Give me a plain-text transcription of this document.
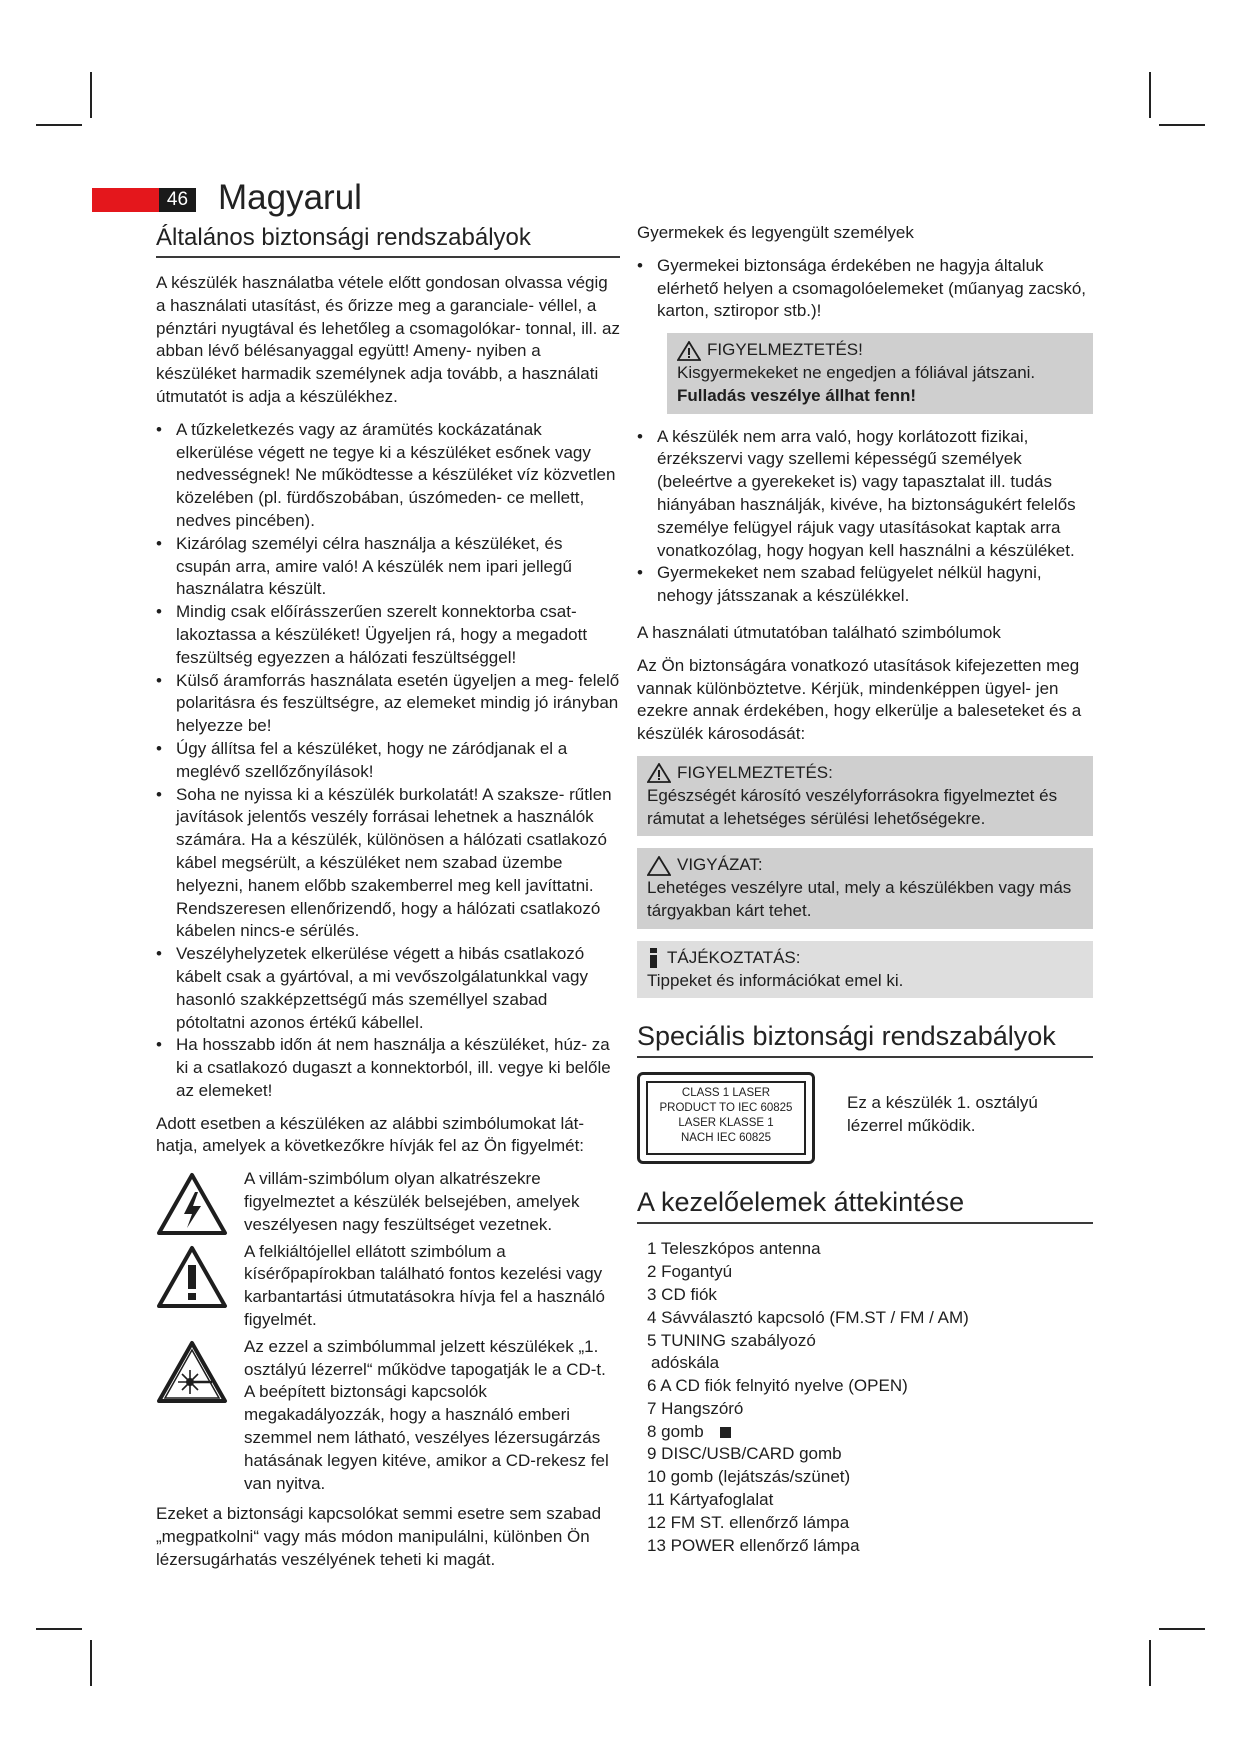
46 Magyarul
Általános biztonsági rendszabályok

A készülék használatba vétele előtt gondosan olvassa végig a használati utasítást, és őrizze meg a garanciale- véllel, a pénztári nyugtával és lehetőleg a csomagolókar- tonnal, ill. az abban lévő bélésanyaggal együtt! Ameny- nyiben a készüléket harmadik személynek adja tovább, a használati útmutatót is adja a készülékhez.

• A tűzkeletkezés vagy az áramütés kockázatának elkerülése végett ne tegye ki a készüléket esőnek vagy nedvességnek! Ne működtesse a készüléket víz közvetlen közelében (pl. fürdőszobában, úszómeden- ce mellett, nedves pincében).
• Kizárólag személyi célra használja a készüléket, és csupán arra, amire való! A készülék nem ipari jellegű használatra készült.
• Mindig csak előírásszerűen szerelt konnektorba csat- lakoztassa a készüléket! Ügyeljen rá, hogy a megadott feszültség egyezzen a hálózati feszültséggel!
• Külső áramforrás használata esetén ügyeljen a meg- felelő polaritásra és feszültségre, az elemeket mindig jó irányban helyezze be!
• Úgy állítsa fel a készüléket, hogy ne záródjanak el a meglévő szellőzőnyílások!
• Soha ne nyissa ki a készülék burkolatát! A szaksze- rűtlen javítások jelentős veszély forrásai lehetnek a használók számára. Ha a készülék, különösen a hálózati csatlakozó kábel megsérült, a készüléket nem szabad üzembe helyezni, hanem előbb szakemberrel meg kell javíttatni. Rendszeresen ellenőrizendő, hogy a hálózati csatlakozó kábelen nincs-e sérülés.
• Veszélyhelyzetek elkerülése végett a hibás csatlakozó kábelt csak a gyártóval, a mi vevőszolgálatunkkal vagy hasonló szakképzettségű más személlyel szabad pótoltatni azonos értékű kábellel.
• Ha hosszabb időn át nem használja a készüléket, húz- za ki a csatlakozó dugaszt a konnektorból, ill. vegye ki belőle az elemeket!

Adott esetben a készüléken az alábbi szimbólumokat lát- hatja, amelyek a következőkre hívják fel az Ön figyelmét:

A villám-szimbólum olyan alkatrészekre figyelmeztet a készülék belsejében, amelyek veszélyesen nagy feszültséget vezetnek.
A felkiáltójellel ellátott szimbólum a kísérőpapírokban található fontos kezelési vagy karbantartási útmutatásokra hívja fel a használó figyelmét.
Az ezzel a szimbólummal jelzett készülékek „1. osztályú lézerrel“ működve tapogatják le a CD-t. A beépített biztonsági kapcsolók megakadályozzák, hogy a használó emberi szemmel nem látható, veszélyes lézersugárzás hatásának legyen kitéve, amikor a CD-rekesz fel van nyitva.

Ezeket a biztonsági kapcsolókat semmi esetre sem szabad „megpatkolni“ vagy más módon manipulálni, különben Ön lézersugárhatás veszélyének teheti ki magát.

Gyermekek és legyengült személyek
• Gyermekei biztonsága érdekében ne hagyja általuk elérhető helyen a csomagolóelemeket (műanyag zacskó, karton, sztiropor stb.)!
FIGYELMEZTETÉS!
Kisgyermekeket ne engedjen a fóliával játszani.
Fulladás veszélye állhat fenn!
• A készülék nem arra való, hogy korlátozott fizikai, érzékszervi vagy szellemi képességű személyek (beleértve a gyerekeket is) vagy tapasztalat ill. tudás hiányában használják, kivéve, ha biztonságukért felelős személye felügyel rájuk vagy utasításokat kaptak arra vonatkozólag, hogy hogyan kell használni a készüléket.
• Gyermekeket nem szabad felügyelet nélkül hagyni, nehogy játsszanak a készülékkel.
A használati útmutatóban található szimbólumok

Az Ön biztonságára vonatkozó utasítások kifejezetten meg vannak különböztetve. Kérjük, mindenképpen ügyel- jen ezekre annak érdekében, hogy elkerülje a baleseteket és a készülék károsodását:

FIGYELMEZTETÉS:
Egészségét károsító veszélyforrásokra figyelmeztet és rámutat a lehetséges sérülési lehetőségekre.
VIGYÁZAT:
Lehetéges veszélyre utal, mely a készülékben vagy más tárgyakban kárt tehet.
TÁJÉKOZTATÁS:
Tippeket és információkat emel ki.
Speciális biztonsági rendszabályok
CLASS 1 LASER
PRODUCT TO IEC 60825
LASER KLASSE 1
NACH IEC 60825
Ez a készülék 1. osztályú lézerrel működik.
A kezelőelemek áttekintése
1 Teleszkópos antenna
2 Fogantyú
3 CD fiók
4 Sávválasztó kapcsoló (FM.ST / FM / AM)
5 TUNING szabályozó
adóskála
6 A CD fiók felnyitó nyelve (OPEN)
7 Hangszóró
8 gomb
9 DISC/USB/CARD gomb
10 gomb (lejátszás/szünet)
11 Kártyafoglalat
12 FM ST. ellenőrző lámpa
13 POWER ellenőrző lámpa
